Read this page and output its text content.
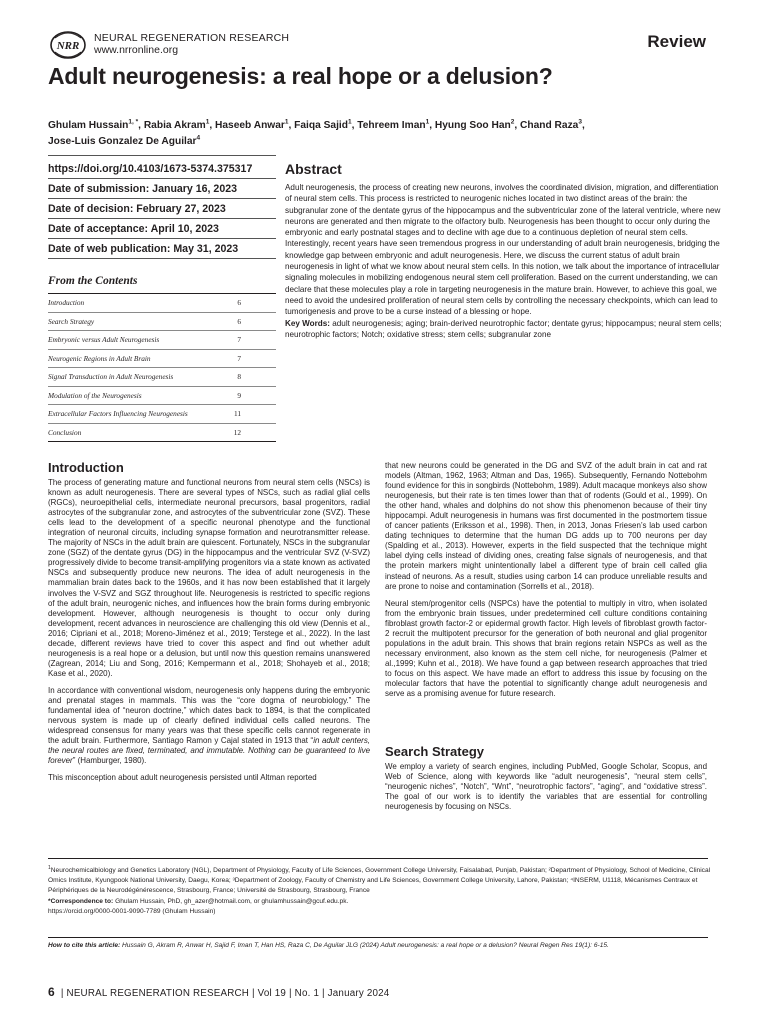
NRR
NEURAL REGENERATION RESEARCH
www.nrronline.org	Review
Adult neurogenesis: a real hope or a delusion?
Ghulam Hussain$^{1, *}$, Rabia Akram$^1$, Haseeb Anwar$^1$, Faiqa Sajid$^1$, Tehreem Iman$^1$, Hyung Soo Han$^2$, Chand Raza$^3$,
Jose-Luis Gonzalez De Aguilar$^4$
https://doi.org/10.4103/1673-5374.375317
Date of submission: January 16, 2023
Date of decision: February 27, 2023
Date of acceptance: April 10, 2023
Date of web publication: May 31, 2023
From the Contents
Introduction	6
Search Strategy	6
Embryonic versus Adult Neurogenesis	7
Neurogenic Regions in Adult Brain	7
Signal Transduction in Adult Neurogenesis	8
Modulation of the Neurogenesis	9
Extracellular Factors Influencing Neurogenesis	11
Conclusion	12
Abstract
Adult neurogenesis, the process of creating new neurons, involves the coordinated division, migration, and differentiation of neural stem cells. This process is restricted to neurogenic niches located in two distinct areas of the brain: the subgranular zone of the dentate gyrus of the hippocampus and the subventricular zone of the lateral ventricle, where new neurons are generated and then migrate to the olfactory bulb. Neurogenesis has been thought to occur only during the embryonic and early postnatal stages and to decline with age due to a continuous depletion of neural stem cells. Interestingly, recent years have seen tremendous progress in our understanding of adult brain neurogenesis, bridging the knowledge gap between embryonic and adult neurogenesis. Here, we discuss the current status of adult brain neurogenesis in light of what we know about neural stem cells. In this notion, we talk about the importance of intracellular signaling molecules in mobilizing endogenous neural stem cell proliferation. Based on the current understanding, we can declare that these molecules play a role in targeting neurogenesis in the mature brain. However, to achieve this goal, we need to avoid the undesired proliferation of neural stem cells by controlling the necessary checkpoints, which can lead to tumorigenesis and prove to be a curse instead of a blessing or hope.
Key Words: adult neurogenesis; aging; brain-derived neurotrophic factor; dentate gyrus; hippocampus; neural stem cells; neurotrophic factors; Notch; oxidative stress; stem cells; subgranular zone
Introduction

The process of generating mature and functional neurons from neural stem cells (NSCs) is known as adult neurogenesis. There are several types of NSCs, such as radial glial cells (RGCs), neuroepithelial cells, intermediate neuronal precursors, basal progenitors, radial astrocytes of the subgranular zone, and astrocytes of the subventricular zone (SVZ). These cells lead to the development of a specific neuronal phenotype and the functional integration of neuronal circuits, including synapse formation and neurotransmitter release. The majority of NSCs in the adult brain are quiescent. Fortunately, NSCs in the subgranular zone (SGZ) of the dentate gyrus (DG) in the hippocampus and the ventricular SVZ (V-SVZ) progressively divide to become transit-amplifying progenitors via a state known as activated NSCs and subsequently produce new neurons. The idea of adult neurogenesis in the mammalian brain dates back to the 1960s, and it has now been established that it largely involves the V-SVZ and SGZ throughout life. Neurogenesis is restricted to specific regions of the adult brain, neurogenic niches, and influences how the brain forms during embryonic development. However, although neurogenesis is thought to occur only during development, recent advances in neuroscience are challenging this old view (Dennis et al., 2016; Cipriani et al., 2018; Moreno-Jiménez et al., 2019; Terstege et al., 2022). In the last decade, different reviews have tried to cover this aspect and find out whether adult neurogenesis is a real hope or a delusion, but until now this question remains unanswered (Zagrean, 2014; Liu and Song, 2016; Kempermann et al., 2018; Shohayeb et al., 2018; Kase et al., 2020).

In accordance with conventional wisdom, neurogenesis only happens during the embryonic and prenatal stages in mammals. This was the “core dogma of neurobiology.” The fundamental idea of “neuron doctrine,” which dates back to 1894, is that the complicated nervous system is made up of clearly defined individual cells called neurons. The widespread consensus for many years was that these specific cells cannot regenerate in the adult brain. Furthermore, Santiago Ramon y Cajal stated in 1913 that “in adult centers, the neural routes are fixed, terminated, and immutable. Nothing can be guaranteed to live forever” (Hamburger, 1980).

This misconception about adult neurogenesis persisted until Altman reported

that new neurons could be generated in the DG and SVZ of the adult brain in cat and rat models (Altman, 1962, 1963; Altman and Das, 1965). Subsequently, Fernando Nottebohm found evidence for this in songbirds (Nottebohm, 1989). Adult macaque monkeys also show neurogenesis, but their rate is ten times lower than that of rodents (Gould et al., 1999). On the other hand, whales and dolphins do not show this phenomenon because of their tiny hippocampi. Adult neurogenesis in humans was first documented in the postmortem tissue of cancer patients (Eriksson et al., 1998). Then, in 2013, Jonas Friesen’s lab used carbon dating techniques to determine that the human DG adds up to 700 neurons per day (Spalding et al., 2013). However, experts in the field suspected that the technique might label dying cells instead of dividing ones, creating false signals of neurogenesis, and that the protein markers might unintentionally label a different type of brain cell called glia instead of neurons. As a result, studies using carbon 14 can produce unreliable results and are prone to noise and contamination (Sorrells et al., 2018).

Neural stem/progenitor cells (NSPCs) have the potential to multiply in vitro, when isolated from the embryonic brain tissues, under predetermined cell culture conditions containing fibroblast growth factor-2 or epidermal growth factor. High levels of fibroblast growth factor-2 recruit the multipotent precursor for the generation of both neuronal and glial progenitor populations in the adult brain. This shows that brain regions retain NSPCs as well as the necessary environment, also known as the stem cell niche, for neurogenesis (Palmer et al.,1999; Kuhn et al., 2018). We have found a gap between research approaches that tried to focus on this aspect. We have made an effort to address this issue by focusing on the molecular factors that have the potential to significantly change adult neurogenesis and serve as a promising avenue for future research.

Search Strategy

We employ a variety of search engines, including PubMed, Google Scholar, Scopus, and Web of Science, along with keywords like “adult neurogenesis”, “neural stem cells”, “neurogenic niches”, “Notch”, “Wnt”, “neurotrophic factors”, “aging”, and “oxidative stress”. The goal of our work is to identify the variables that are essential for controlling neurogenesis by focusing on NSCs.

$^1$Neurochemicalbiology and Genetics Laboratory (NGL), Department of Physiology, Faculty of Life Sciences, Government College University, Faisalabad, Punjab, Pakistan; ²Department of Physiology, School of Medicine, Clinical Omics Institute, Kyungpook National University, Daegu, Korea; ³Department of Zoology, Faculty of Chemistry and Life Sciences, Government College University, Lahore, Pakistan; ⁴INSERM, U1118, Mécanismes Centraux et Périphériques de la Neurodégénérescence, Strasbourg, France; Université de Strasbourg, Strasbourg, France
*Correspondence to: Ghulam Hussain, PhD, gh_azer@hotmail.com, or ghulamhussain@gcuf.edu.pk.
https://orcid.org/0000-0001-9090-7789 (Ghulam Hussain)
How to cite this article: Hussain G, Akram R, Anwar H, Sajid F, Iman T, Han HS, Raza C, De Aguilar JLG (2024) Adult neurogenesis: a real hope or a delusion? Neural Regen Res 19(1): 6-15.
6 | NEURAL REGENERATION RESEARCH | Vol 19 | No. 1 | January 2024
